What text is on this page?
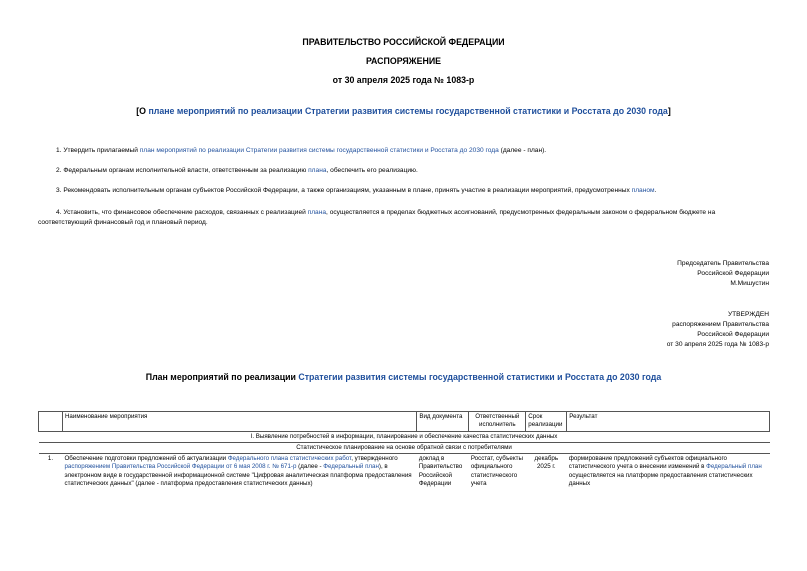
ПРАВИТЕЛЬСТВО РОССИЙСКОЙ ФЕДЕРАЦИИ
РАСПОРЯЖЕНИЕ
от 30 апреля 2025 года № 1083-р
[О плане мероприятий по реализации Стратегии развития системы государственной статистики и Росстата до 2030 года]
1. Утвердить прилагаемый план мероприятий по реализации Стратегии развития системы государственной статистики и Росстата до 2030 года (далее - план).
2. Федеральным органам исполнительной власти, ответственным за реализацию плана, обеспечить его реализацию.
3. Рекомендовать исполнительным органам субъектов Российской Федерации, а также организациям, указанным в плане, принять участие в реализации мероприятий, предусмотренных планом.
4. Установить, что финансовое обеспечение расходов, связанных с реализацией плана, осуществляется в пределах бюджетных ассигнований, предусмотренных федеральным законом о федеральном бюджете на соответствующий финансовый год и плановый период.
Председатель Правительства
Российской Федерации
М.Мишустин
УТВЕРЖДЕН
распоряжением Правительства
Российской Федерации
от 30 апреля 2025 года № 1083-р
План мероприятий по реализации Стратегии развития системы государственной статистики и Росстата до 2030 года
	Наименование мероприятия	Вид документа	Ответственный исполнитель	Срок реализации	Результат
I. Выявление потребностей в информации, планирование и обеспечение качества статистических данных					
Статистическое планирование на основе обратной связи с потребителями					
1.	Обеспечение подготовки предложений об актуализации Федерального плана статистических работ, утвержденного распоряжением Правительства Российской Федерации от 6 мая 2008 г. № 671-р (далее - Федеральный план), в электронном виде в государственной информационной системе "Цифровая аналитическая платформа предоставления статистических данных" (далее - платформа предоставления статистических данных)	доклад в Правительство Российской Федерации	Росстат, субъекты официального статистического учета	декабрь 2025 г.	формирование предложений субъектов официального статистического учета о внесении изменений в Федеральный план осуществляется на платформе предоставления статистических данных
